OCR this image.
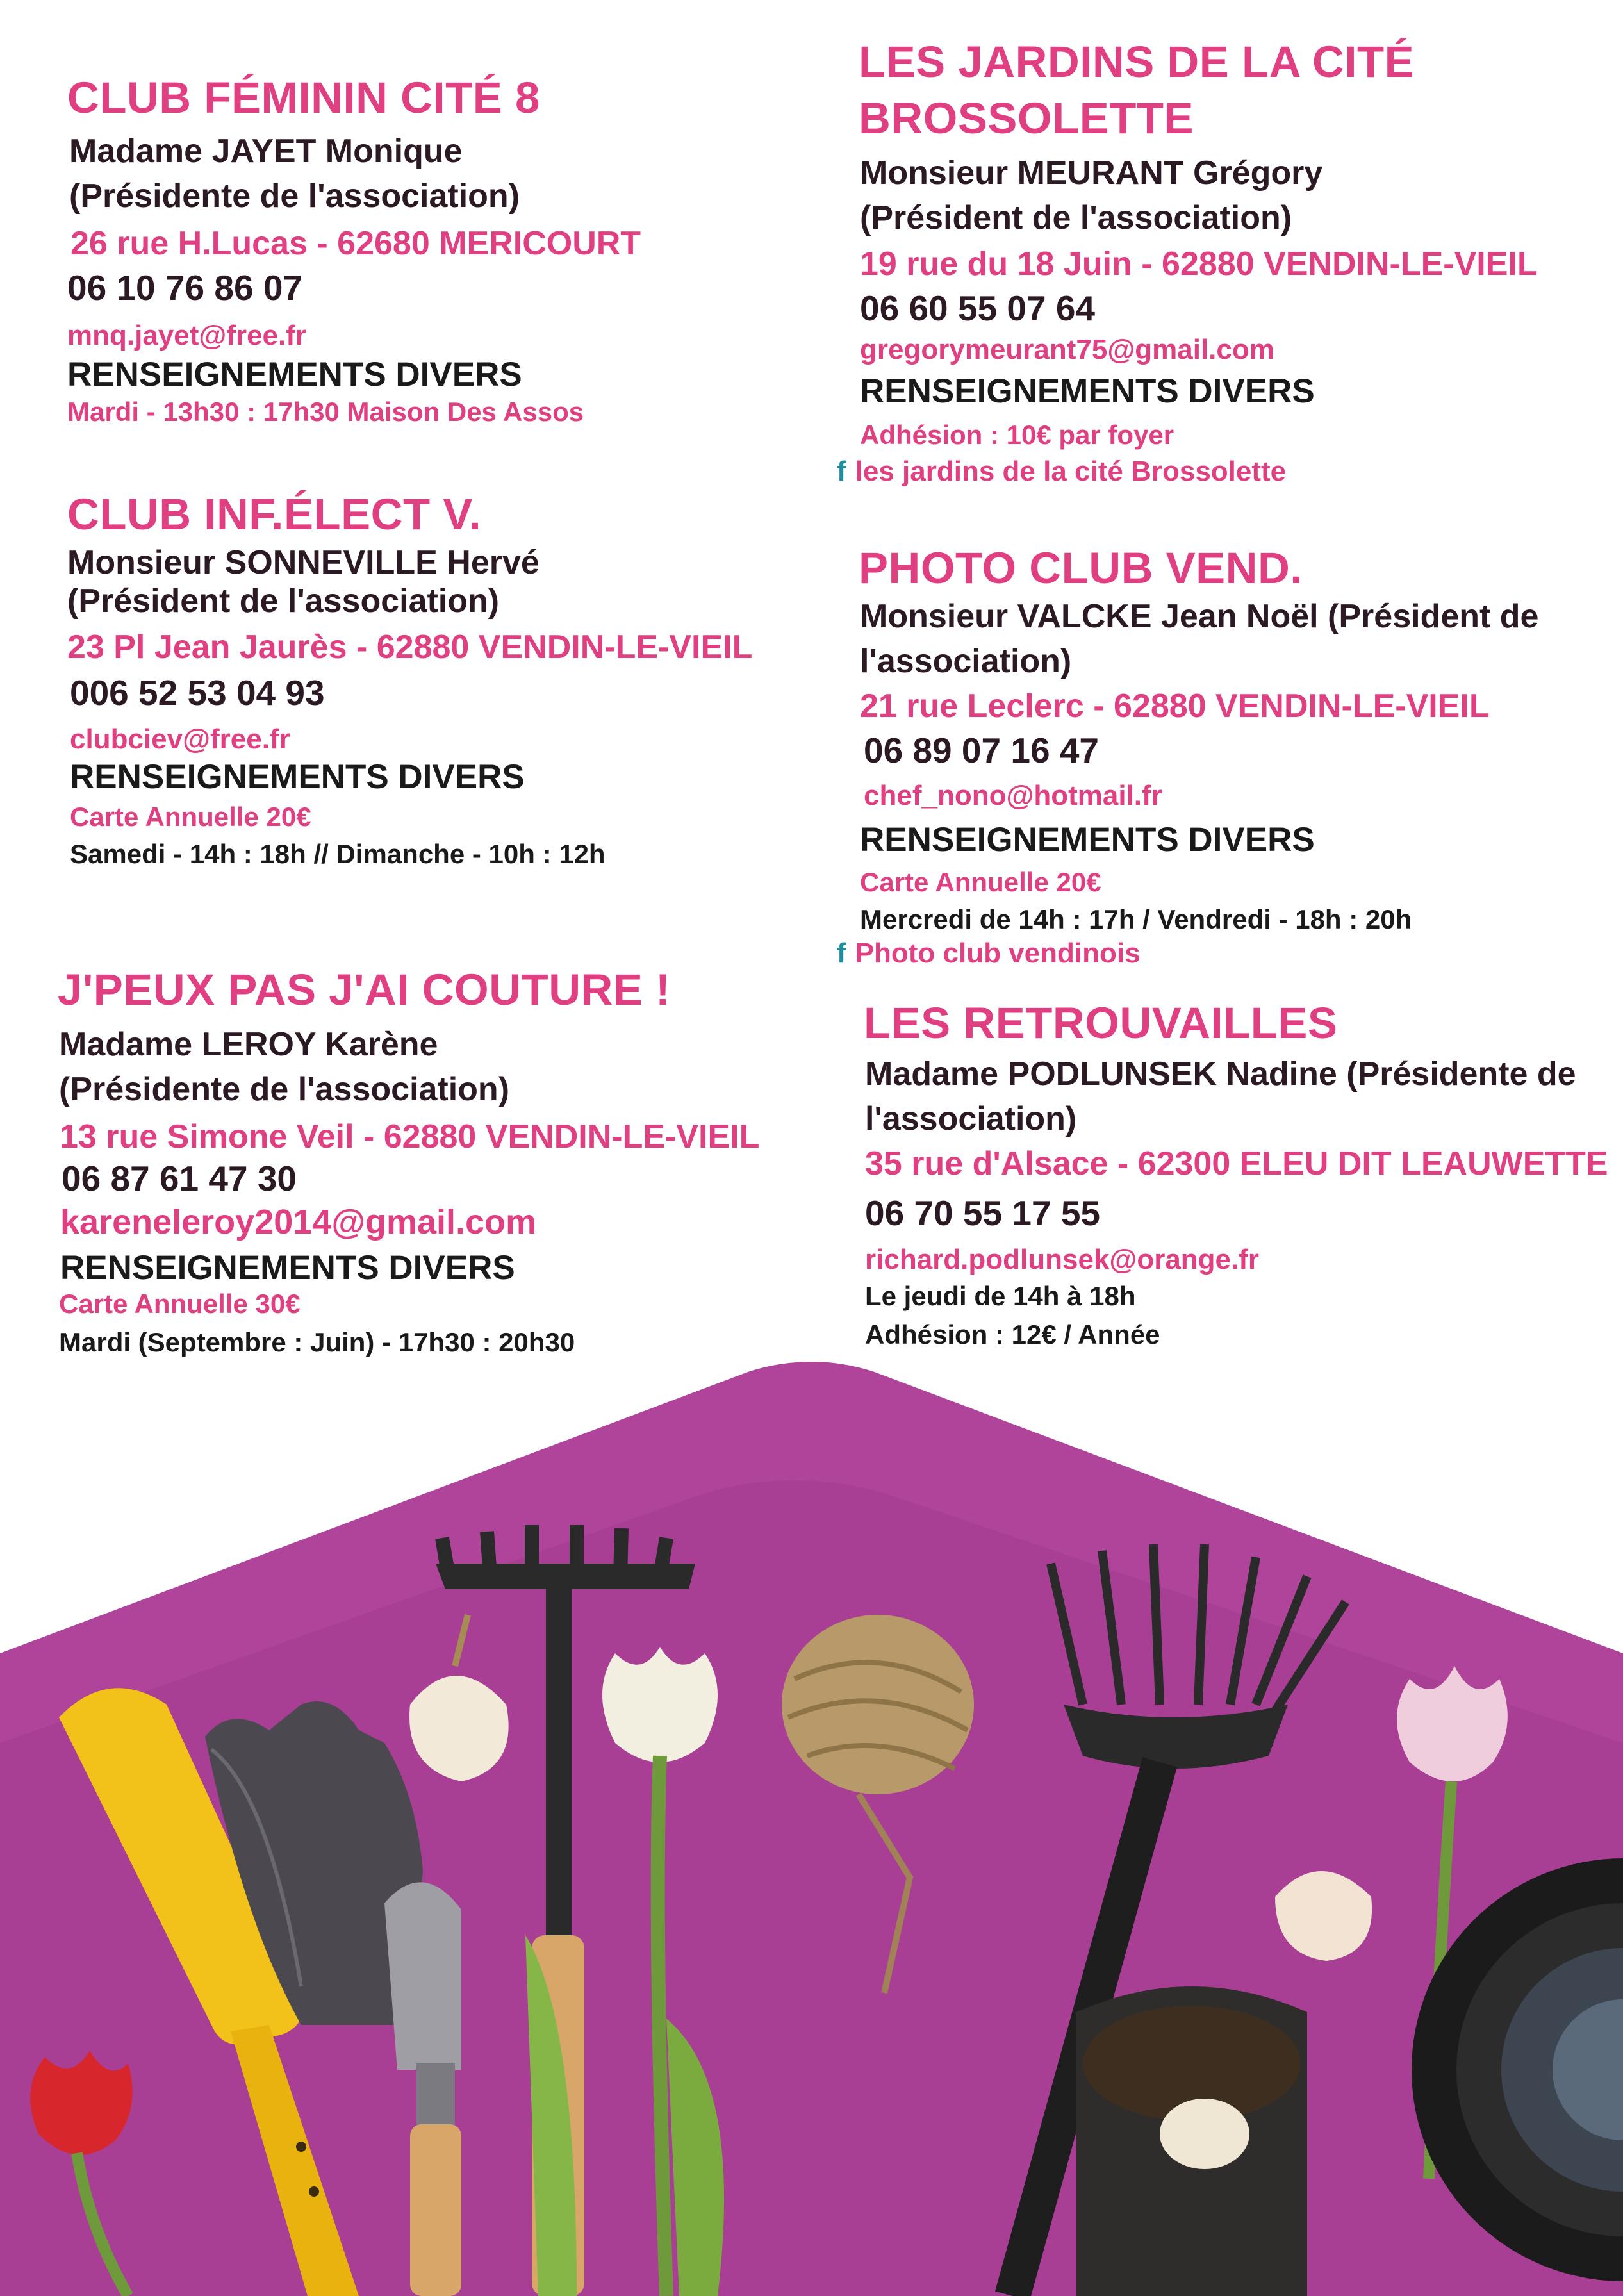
CLUB FÉMININ CITÉ 8
Madame JAYET Monique
(Présidente de l'association)
26 rue H.Lucas - 62680 MERICOURT
06 10 76 86 07
mnq.jayet@free.fr
RENSEIGNEMENTS DIVERS
Mardi - 13h30 : 17h30 Maison Des Assos
LES JARDINS DE LA CITÉ
BROSSOLETTE
Monsieur MEURANT Grégory
(Président de l'association)
19 rue du 18 Juin - 62880 VENDIN-LE-VIEIL
06 60 55 07 64
gregorymeurant75@gmail.com
RENSEIGNEMENTS DIVERS
Adhésion : 10€ par foyer
f les jardins de la cité Brossolette
CLUB INF.ÉLECT V.
Monsieur SONNEVILLE Hervé
(Président de l'association)
23 Pl Jean Jaurès - 62880 VENDIN-LE-VIEIL
006 52 53 04 93
clubciev@free.fr
RENSEIGNEMENTS DIVERS
Carte Annuelle 20€
Samedi - 14h : 18h // Dimanche - 10h : 12h
PHOTO CLUB VEND.
Monsieur VALCKE Jean Noël (Président de
l'association)
21 rue Leclerc - 62880 VENDIN-LE-VIEIL
06 89 07 16 47
chef_nono@hotmail.fr
RENSEIGNEMENTS DIVERS
Carte Annuelle 20€
Mercredi de 14h : 17h / Vendredi - 18h : 20h
f Photo club vendinois
J'PEUX PAS J'AI COUTURE !
Madame LEROY Karène
(Présidente de l'association)
13 rue Simone Veil - 62880 VENDIN-LE-VIEIL
06 87 61 47 30
kareneleroy2014@gmail.com
RENSEIGNEMENTS DIVERS
Carte Annuelle 30€
Mardi (Septembre : Juin) - 17h30 : 20h30
LES RETROUVAILLES
Madame PODLUNSEK Nadine (Présidente de
l'association)
35 rue d'Alsace - 62300 ELEU DIT LEAUWETTE
06 70 55 17 55
richard.podlunsek@orange.fr
Le jeudi de 14h à 18h
Adhésion : 12€ / Année
